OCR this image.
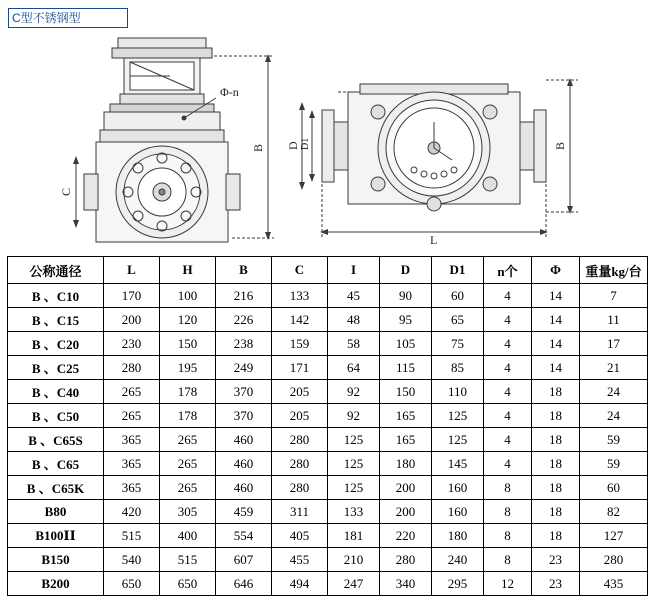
C型不锈钢型
Φ-n
B
C
D D1	B
L
公称通径	L	H	B	C	I	D	D1	n个	Φ	重量kg/台
B 、C10	170	100	216	133	45	90	60	4	14	7
B 、C15	200	120	226	142	48	95	65	4	14	11
B 、C20	230	150	238	159	58	105	75	4	14	17
B 、C25	280	195	249	171	64	115	85	4	14	21
B 、C40	265	178	370	205	92	150	110	4	18	24
B 、C50	265	178	370	205	92	165	125	4	18	24
B 、C65S	365	265	460	280	125	165	125	4	18	59
B 、C65	365	265	460	280	125	180	145	4	18	59
B 、C65K	365	265	460	280	125	200	160	8	18	60
B80	420	305	459	311	133	200	160	8	18	82
B100ⅠⅠ	515	400	554	405	181	220	180	8	18	127
B150	540	515	607	455	210	280	240	8	23	280
B200	650	650	646	494	247	340	295	12	23	435
